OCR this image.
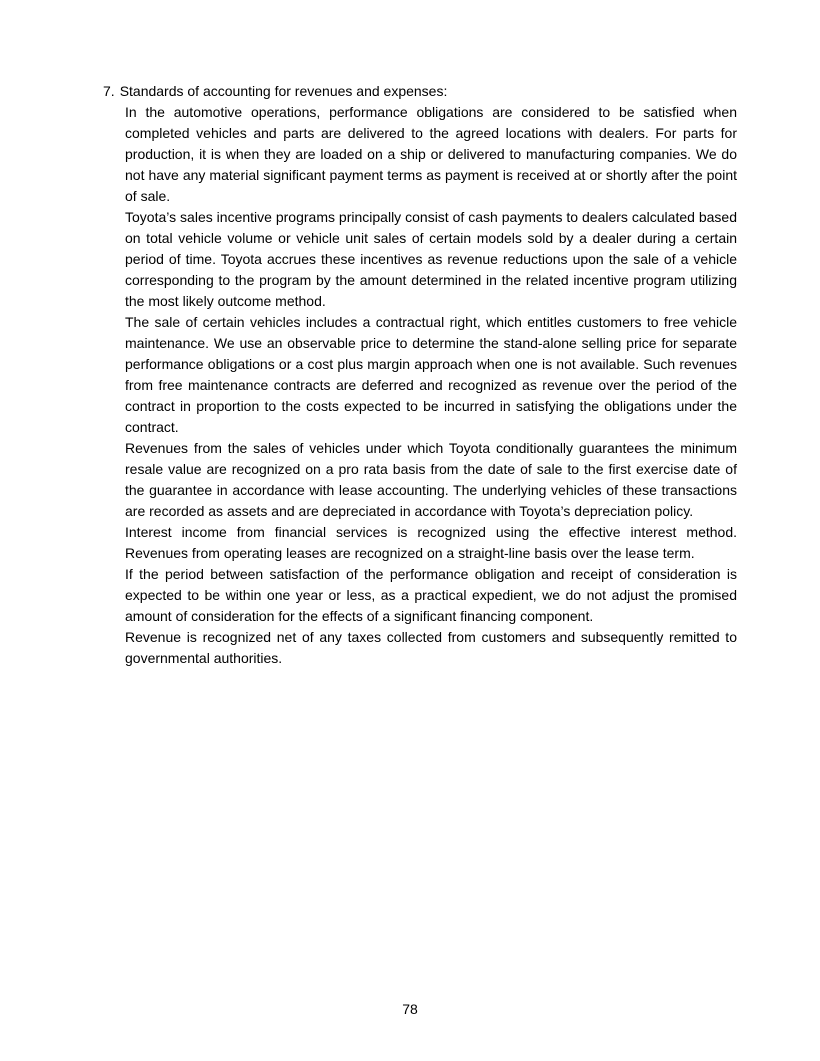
7. Standards of accounting for revenues and expenses:

In the automotive operations, performance obligations are considered to be satisfied when completed vehicles and parts are delivered to the agreed locations with dealers. For parts for production, it is when they are loaded on a ship or delivered to manufacturing companies. We do not have any material significant payment terms as payment is received at or shortly after the point of sale.

Toyota’s sales incentive programs principally consist of cash payments to dealers calculated based on total vehicle volume or vehicle unit sales of certain models sold by a dealer during a certain period of time. Toyota accrues these incentives as revenue reductions upon the sale of a vehicle corresponding to the program by the amount determined in the related incentive program utilizing the most likely outcome method.

The sale of certain vehicles includes a contractual right, which entitles customers to free vehicle maintenance. We use an observable price to determine the stand-alone selling price for separate performance obligations or a cost plus margin approach when one is not available. Such revenues from free maintenance contracts are deferred and recognized as revenue over the period of the contract in proportion to the costs expected to be incurred in satisfying the obligations under the contract.

Revenues from the sales of vehicles under which Toyota conditionally guarantees the minimum resale value are recognized on a pro rata basis from the date of sale to the first exercise date of the guarantee in accordance with lease accounting. The underlying vehicles of these transactions are recorded as assets and are depreciated in accordance with Toyota’s depreciation policy.

Interest income from financial services is recognized using the effective interest method. Revenues from operating leases are recognized on a straight-line basis over the lease term.

If the period between satisfaction of the performance obligation and receipt of consideration is expected to be within one year or less, as a practical expedient, we do not adjust the promised amount of consideration for the effects of a significant financing component.

Revenue is recognized net of any taxes collected from customers and subsequently remitted to governmental authorities.

78
